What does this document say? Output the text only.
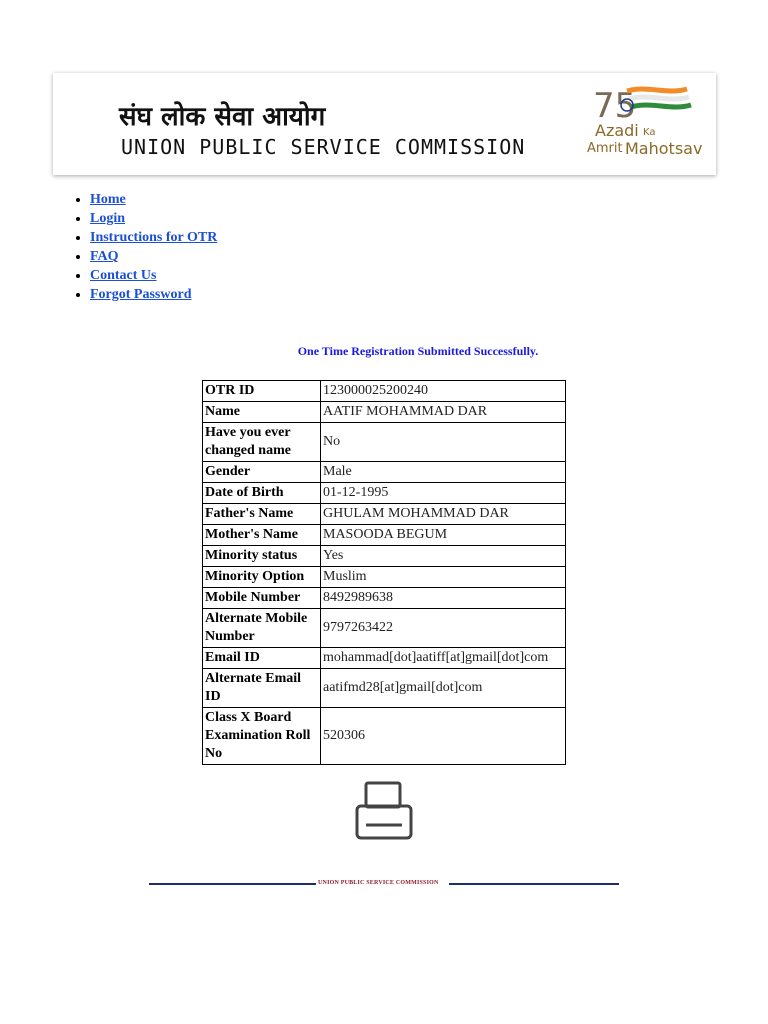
संघ लोक सेवा आयोग
UNION PUBLIC SERVICE COMMISSION
75
Azadi Ka
Amrit Mahotsav
• Home
• Login
• Instructions for OTR
• FAQ
• Contact Us
• Forgot Password
One Time Registration Submitted Successfully.
OTR ID	123000025200240
Name	AATIF MOHAMMAD DAR
Have you ever changed name	No
Gender	Male
Date of Birth	01-12-1995
Father's Name	GHULAM MOHAMMAD DAR
Mother's Name	MASOODA BEGUM
Minority status	Yes
Minority Option	Muslim
Mobile Number	8492989638
Alternate Mobile Number	9797263422
Email ID	mohammad[dot]aatiff[at]gmail[dot]com
Alternate Email ID	aatifmd28[at]gmail[dot]com
Class X Board Examination Roll No	520306
UNION PUBLIC SERVICE COMMISSION
